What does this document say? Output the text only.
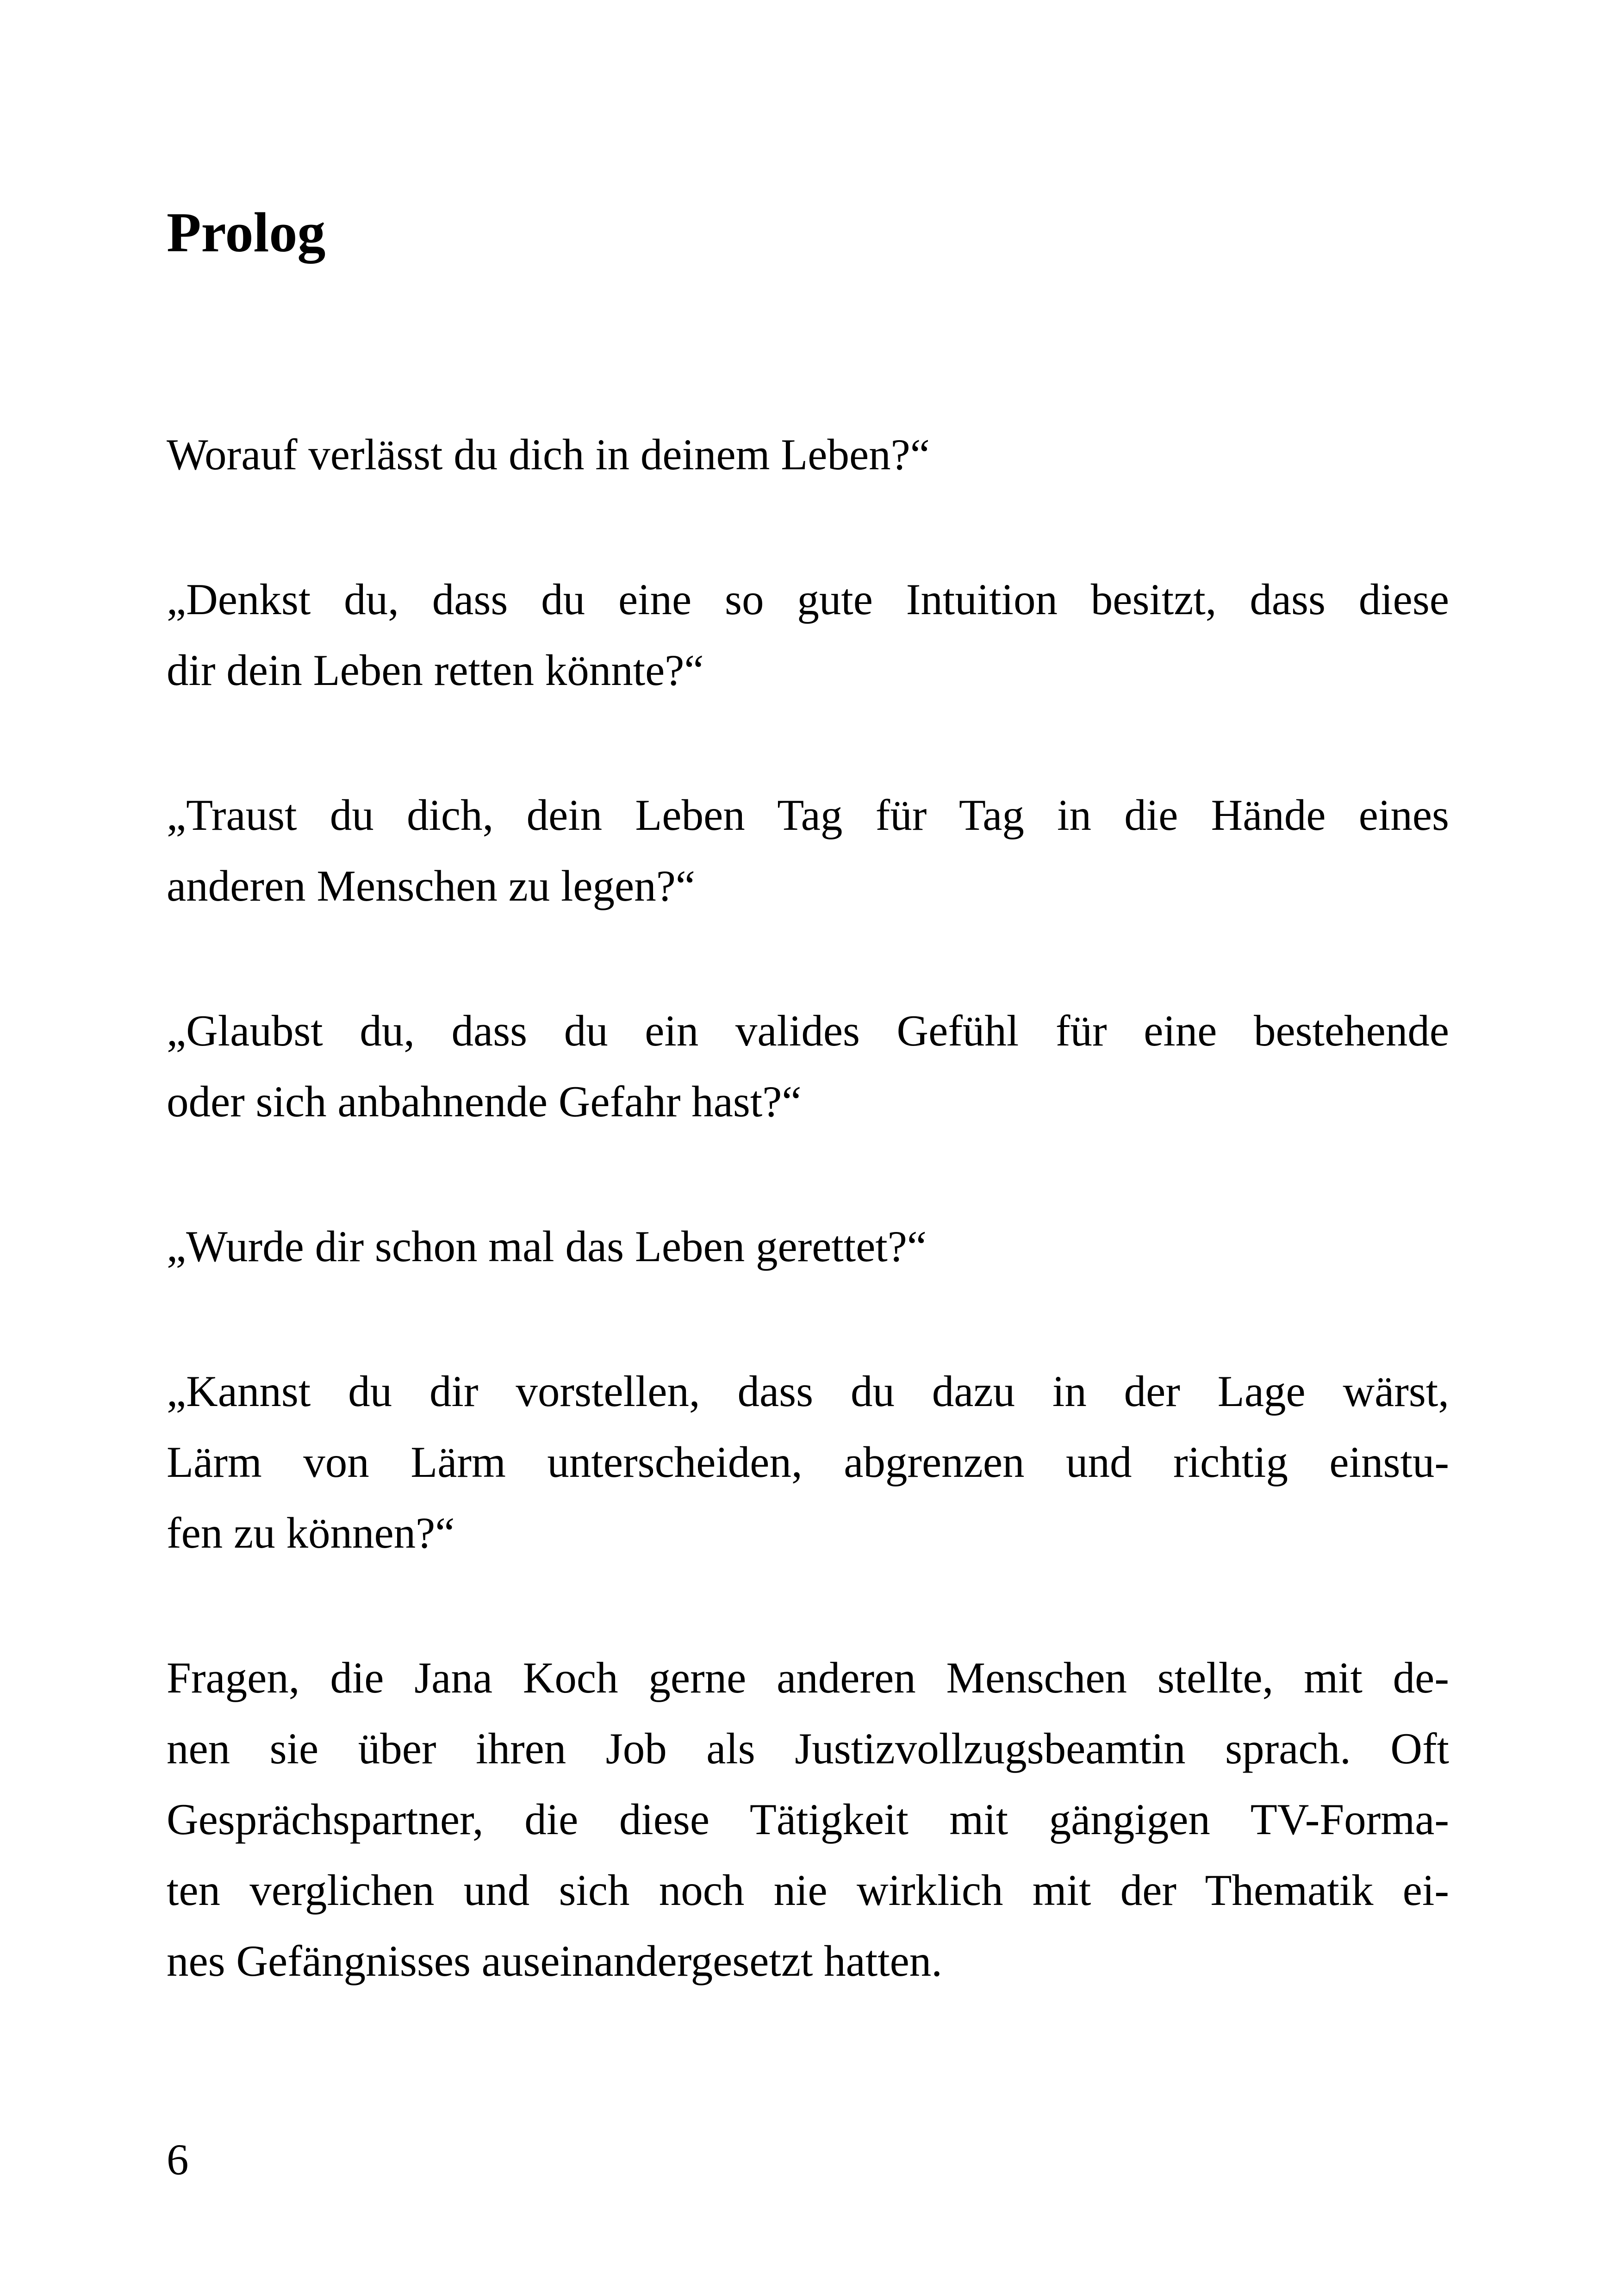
Prolog
Worauf verlässt du dich in deinem Leben?“
„Denkst du, dass du eine so gute Intuition besitzt, dass diese
dir dein Leben retten könnte?“
„Traust du dich, dein Leben Tag für Tag in die Hände eines
anderen Menschen zu legen?“
„Glaubst du, dass du ein valides Gefühl für eine bestehende
oder sich anbahnende Gefahr hast?“
„Wurde dir schon mal das Leben gerettet?“
„Kannst du dir vorstellen, dass du dazu in der Lage wärst,
Lärm von Lärm unterscheiden, abgrenzen und richtig einstu-
fen zu können?“
Fragen, die Jana Koch gerne anderen Menschen stellte, mit de-
nen sie über ihren Job als Justizvollzugsbeamtin sprach. Oft
Gesprächspartner, die diese Tätigkeit mit gängigen TV-Forma-
ten verglichen und sich noch nie wirklich mit der Thematik ei-
nes Gefängnisses auseinandergesetzt hatten.
6
